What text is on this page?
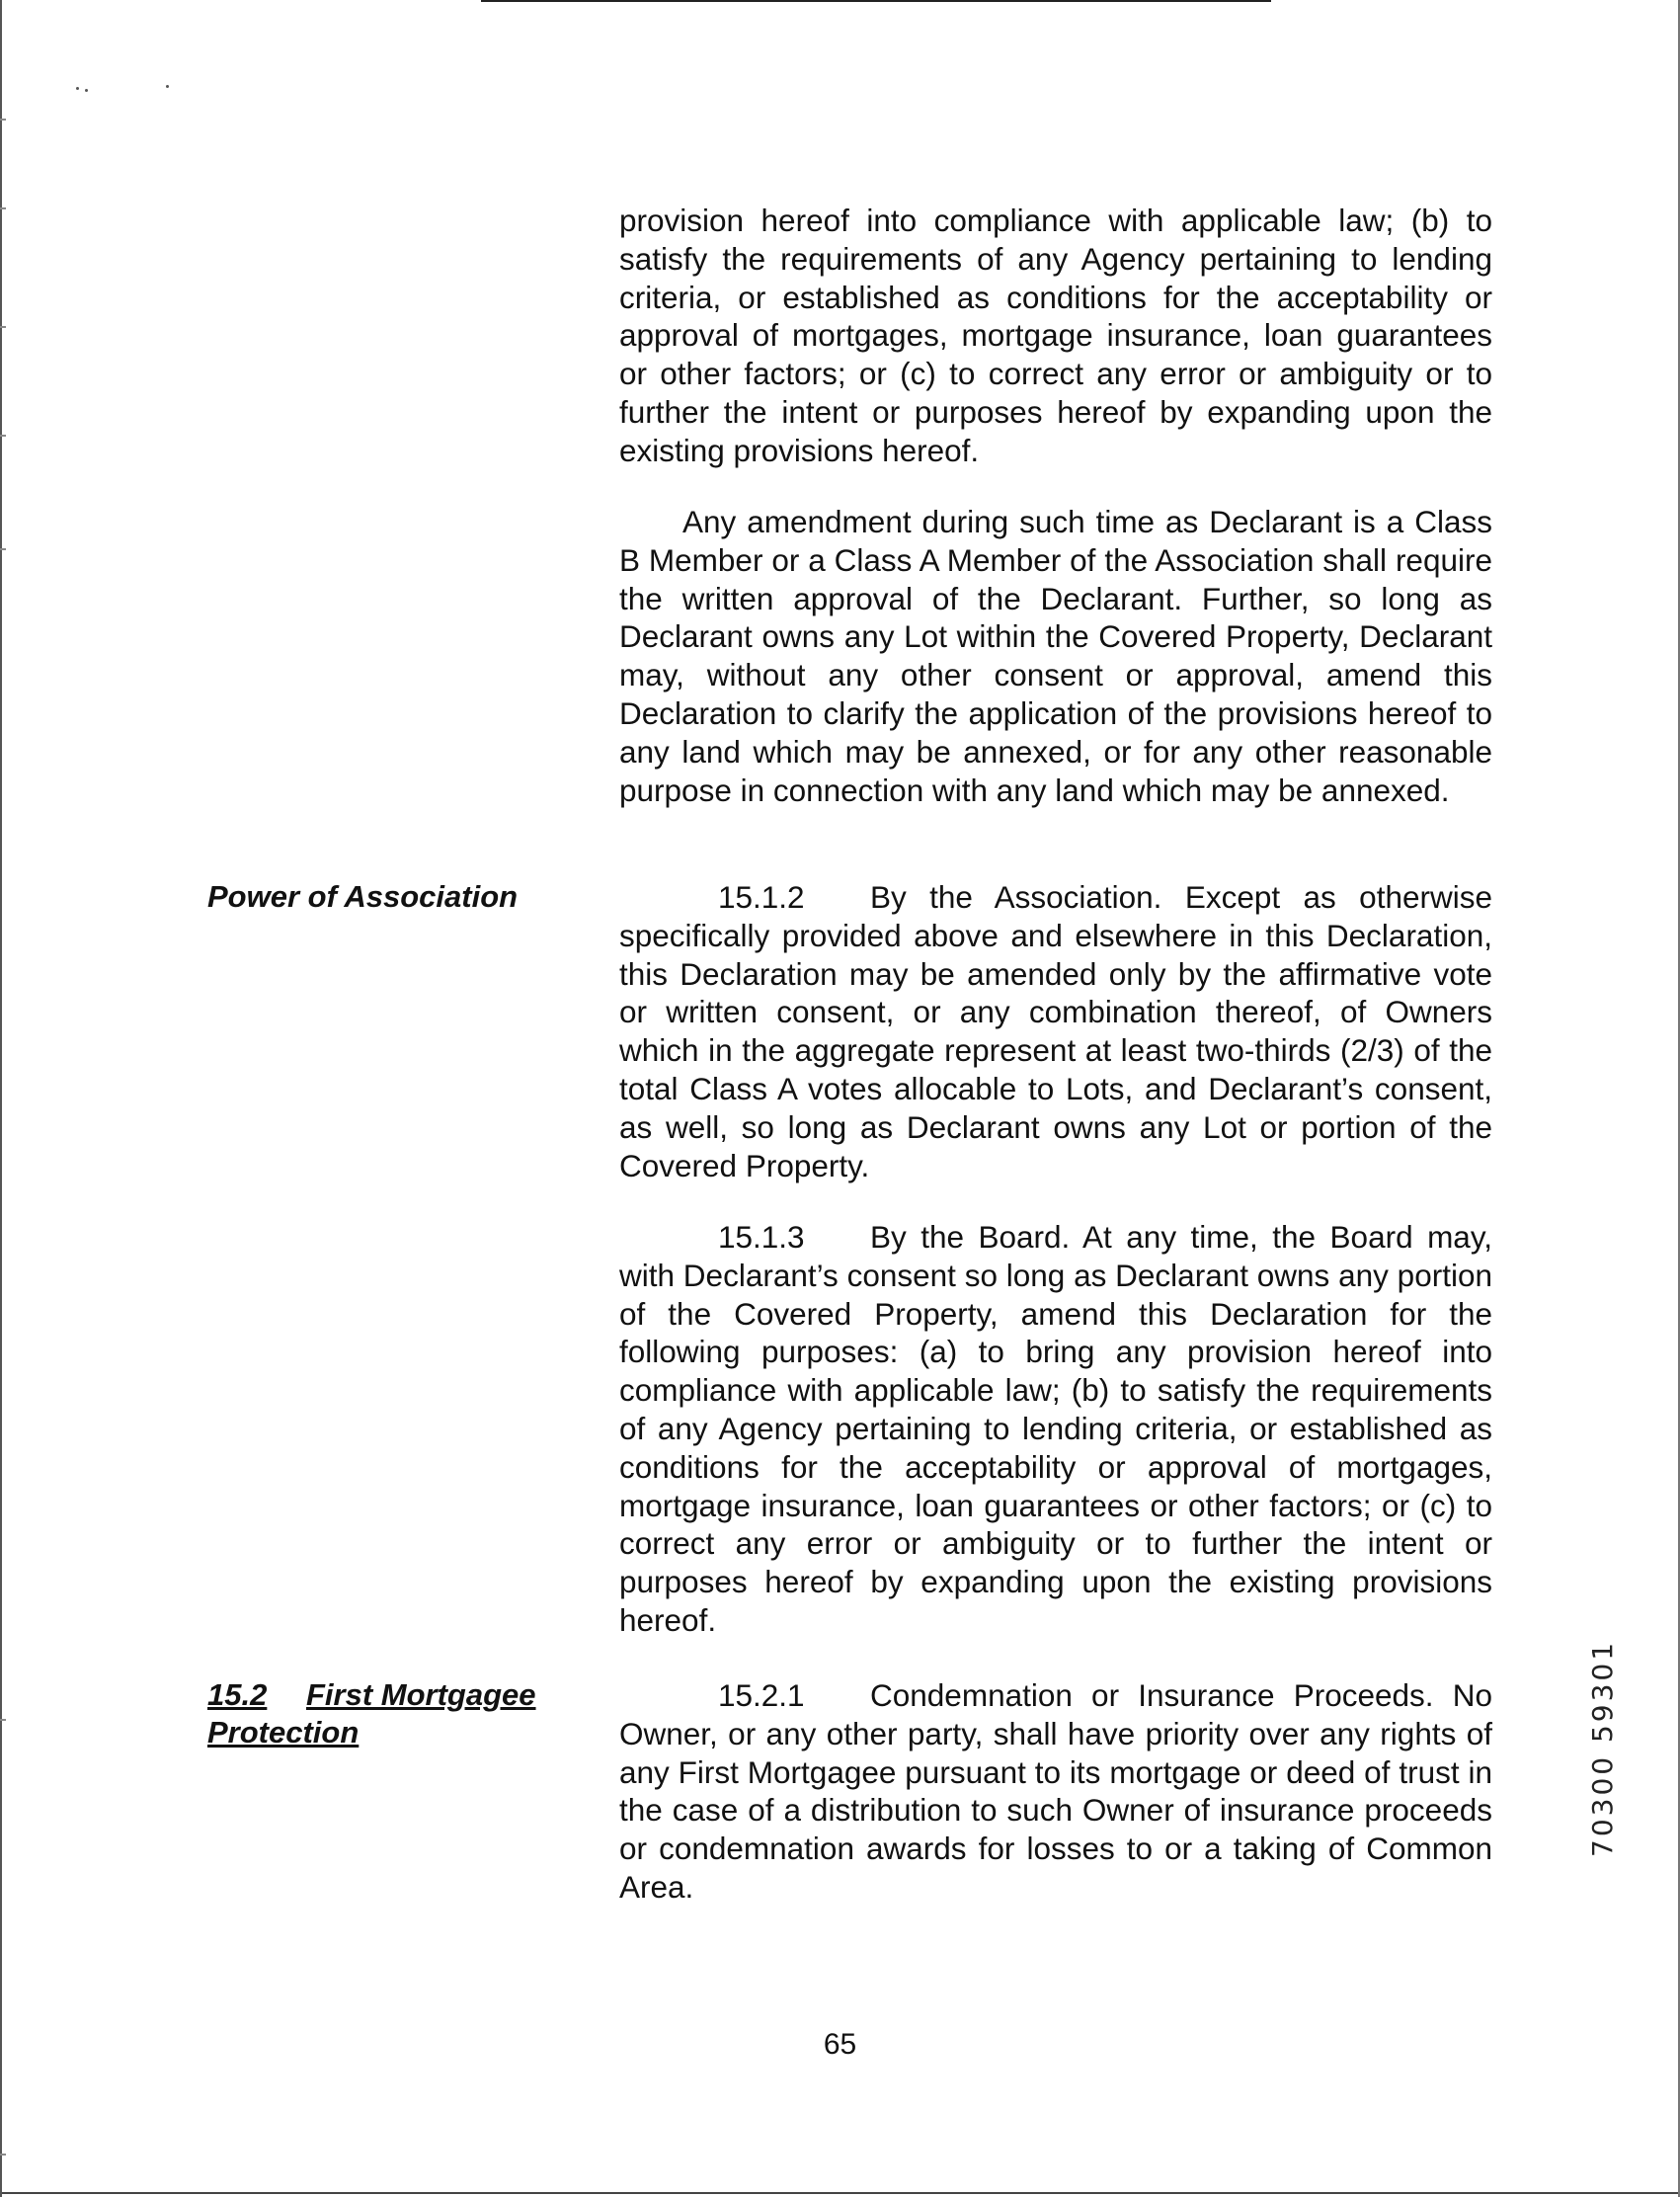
provision hereof into compliance with applicable law; (b) to satisfy the requirements of any Agency pertaining to lending criteria, or established as conditions for the acceptability or approval of mortgages, mortgage insurance, loan guarantees or other factors; or (c) to correct any error or ambiguity or to further the intent or purposes hereof by expanding upon the existing provisions hereof.

Any amendment during such time as Declarant is a Class B Member or a Class A Member of the Association shall require the written approval of the Declarant. Further, so long as Declarant owns any Lot within the Covered Property, Declarant may, without any other consent or approval, amend this Declaration to clarify the application of the provisions hereof to any land which may be annexed, or for any other reasonable purpose in connection with any land which may be annexed.

Power of Association	15.1.2 By the Association. Except as otherwise specifically provided above and elsewhere in this Declaration, this Declaration may be amended only by the affirmative vote or written consent, or any combination thereof, of Owners which in the aggregate represent at least two-thirds (2/3) of the total Class A votes allocable to Lots, and Declarant’s consent, as well, so long as Declarant owns any Lot or portion of the Covered Property.

15.1.3 By the Board. At any time, the Board may, with Declarant’s consent so long as Declarant owns any portion of the Covered Property, amend this Declaration for the following purposes: (a) to bring any provision hereof into compliance with applicable law; (b) to satisfy the requirements of any Agency pertaining to lending criteria, or established as conditions for the acceptability or approval of mortgages, mortgage insurance, loan guarantees or other factors; or (c) to correct any error or ambiguity or to further the intent or purposes hereof by expanding upon the existing provisions hereof.

15.2 First Mortgagee
Protection

15.2.1 Condemnation or Insurance Proceeds. No Owner, or any other party, shall have priority over any rights of any First Mortgagee pursuant to its mortgage or deed of trust in the case of a distribution to such Owner of insurance proceeds or condemnation awards for losses to or a taking of Common Area.

65

70300 59301
